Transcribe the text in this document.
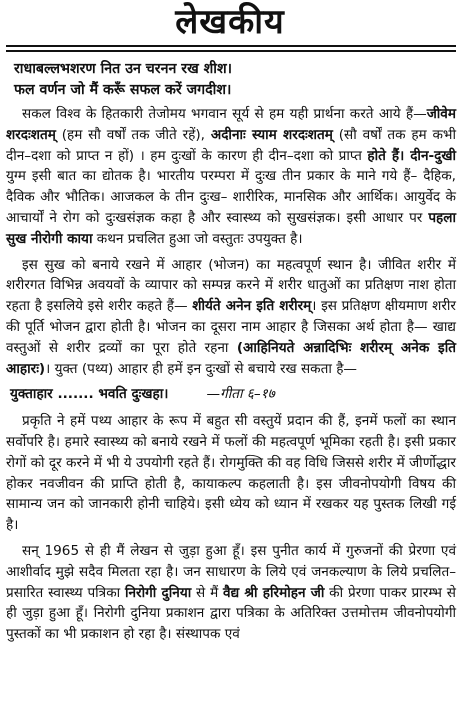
लेखकीय
राधाबल्लभशरण नित उन चरनन रख शीश।
फल वर्णन जो मैं करूँ सफल करें जगदीश।

सकल विश्व के हितकारी तेजोमय भगवान सूर्य से हम यही प्रार्थना करते आये हैं—जीवेम शरदःशतम् (हम सौ वर्षों तक जीते रहें), अदीनाः स्याम शरदःशतम् (सौ वर्षों तक हम कभी दीन–दशा को प्राप्त न हों) । हम दुःखों के कारण ही दीन–दशा को प्राप्त होते हैं। दीन-दुखी युग्म इसी बात का द्योतक है। भारतीय परम्परा में दुःख तीन प्रकार के माने गये हैं– दैहिक, दैविक और भौतिक। आजकल के तीन दुःख– शारीरिक, मानसिक और आर्थिक। आयुर्वेद के आचार्यों ने रोग को दुःखसंज्ञक कहा है और स्वास्थ्य को सुखसंज्ञक। इसी आधार पर पहला सुख नीरोगी काया कथन प्रचलित हुआ जो वस्तुतः उपयुक्त है।

इस सुख को बनाये रखने में आहार (भोजन) का महत्वपूर्ण स्थान है। जीवित शरीर में शरीरगत विभिन्न अवयवों के व्यापार को सम्पन्न करने में शरीर धातुओं का प्रतिक्षण नाश होता रहता है इसलिये इसे शरीर कहते हैं— शीर्यते अनेन इति शरीरम्। इस प्रतिक्षण क्षीयमाण शरीर की पूर्ति भोजन द्वारा होती है। भोजन का दूसरा नाम आहार है जिसका अर्थ होता है— खाद्य वस्तुओं से शरीर द्रव्यों का पूरा होते रहना (आहिनियते अन्नादिभिः शरीरम् अनेक इति आहारः)। युक्त (पथ्य) आहार ही हमें इन दुःखों से बचाये रख सकता है—

युक्ताहार ....... भवति दुःखहा।	—गीता ६–१७

प्रकृति ने हमें पथ्य आहार के रूप में बहुत सी वस्तुयें प्रदान की हैं, इनमें फलों का स्थान सर्वोपरि है। हमारे स्वास्थ्य को बनाये रखने में फलों की महत्वपूर्ण भूमिका रहती है। इसी प्रकार रोगों को दूर करने में भी ये उपयोगी रहते हैं। रोगमुक्ति की वह विधि जिससे शरीर में जीर्णोद्धार होकर नवजीवन की प्राप्ति होती है, कायाकल्प कहलाती है। इस जीवनोपयोगी विषय की सामान्य जन को जानकारी होनी चाहिये। इसी ध्येय को ध्यान में रखकर यह पुस्तक लिखी गई है।

सन् 1965 से ही मैं लेखन से जुड़ा हुआ हूँ। इस पुनीत कार्य में गुरुजनों की प्रेरणा एवं आशीर्वाद मुझे सदैव मिलता रहा है। जन साधारण के लिये एवं जनकल्याण के लिये प्रचलित–प्रसारित स्वास्थ्य पत्रिका निरोगी दुनिया से मैं वैद्य श्री हरिमोहन जी की प्रेरणा पाकर प्रारम्भ से ही जुड़ा हुआ हूँ। निरोगी दुनिया प्रकाशन द्वारा पत्रिका के अतिरिक्त उत्तमोत्तम जीवनोपयोगी पुस्तकों का भी प्रकाशन हो रहा है। संस्थापक एवं
